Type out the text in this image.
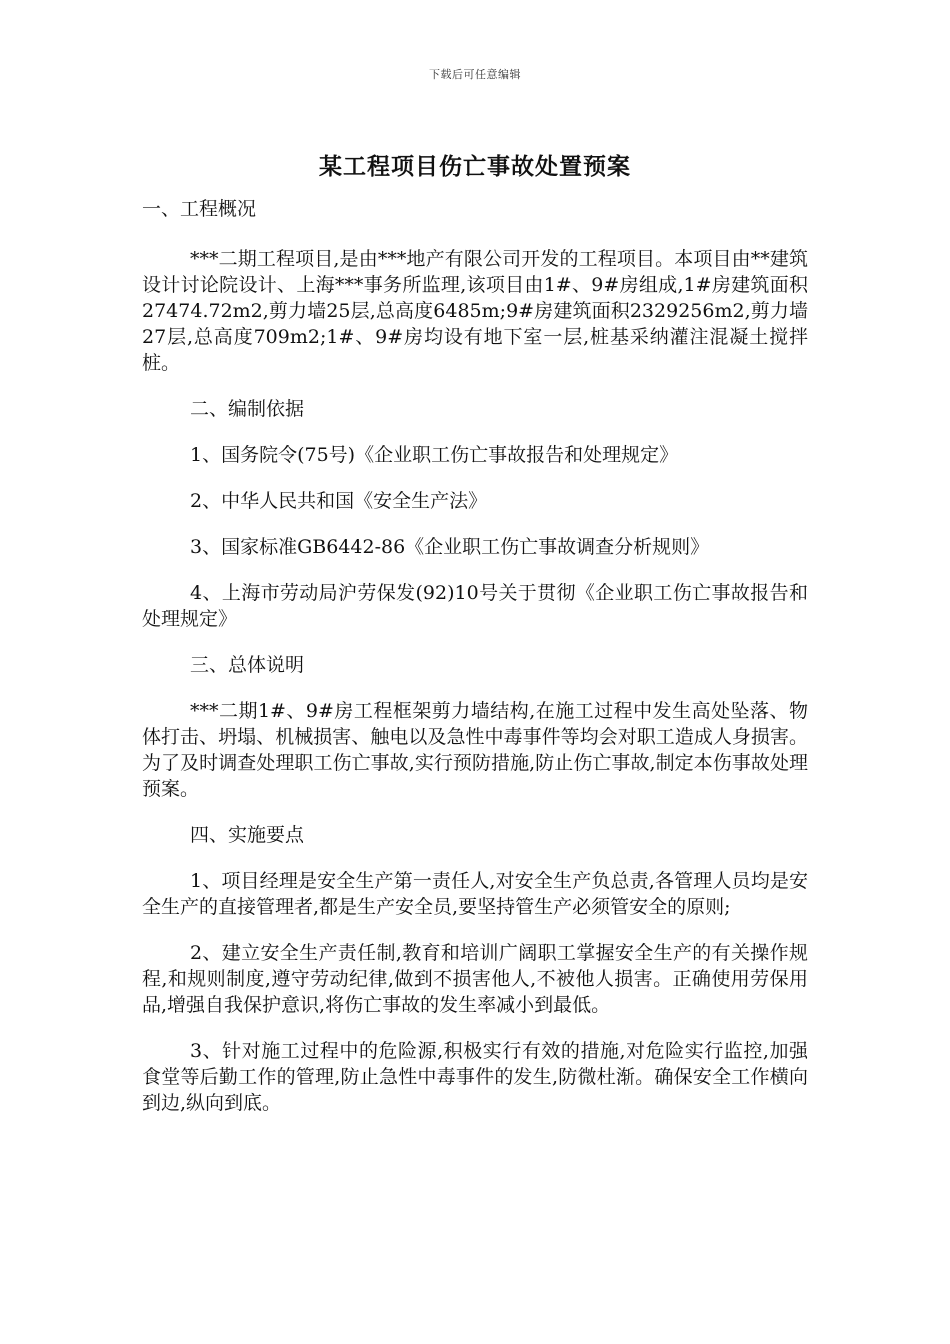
下载后可任意编辑
某工程项目伤亡事故处置预案

一、工程概况

***二期工程项目,是由***地产有限公司开发的工程项目。本项目由**建筑设计讨论院设计、上海***事务所监理,该项目由1#、9#房组成,1#房建筑面积27474.72m2,剪力墙25层,总高度6485m;9#房建筑面积2329256m2,剪力墙27层,总高度709m2;1#、9#房均设有地下室一层,桩基采纳灌注混凝土搅拌桩。

二、编制依据

1、国务院令(75号)《企业职工伤亡事故报告和处理规定》

2、中华人民共和国《安全生产法》

3、国家标准GB6442-86《企业职工伤亡事故调查分析规则》

4、上海市劳动局沪劳保发(92)10号关于贯彻《企业职工伤亡事故报告和处理规定》

三、总体说明

***二期1#、9#房工程框架剪力墙结构,在施工过程中发生高处坠落、物体打击、坍塌、机械损害、触电以及急性中毒事件等均会对职工造成人身损害。为了及时调查处理职工伤亡事故,实行预防措施,防止伤亡事故,制定本伤事故处理预案。

四、实施要点

1、项目经理是安全生产第一责任人,对安全生产负总责,各管理人员均是安全生产的直接管理者,都是生产安全员,要坚持管生产必须管安全的原则;

2、建立安全生产责任制,教育和培训广阔职工掌握安全生产的有关操作规程,和规则制度,遵守劳动纪律,做到不损害他人,不被他人损害。正确使用劳保用品,增强自我保护意识,将伤亡事故的发生率减小到最低。

3、针对施工过程中的危险源,积极实行有效的措施,对危险实行监控,加强食堂等后勤工作的管理,防止急性中毒事件的发生,防微杜渐。确保安全工作横向到边,纵向到底。
